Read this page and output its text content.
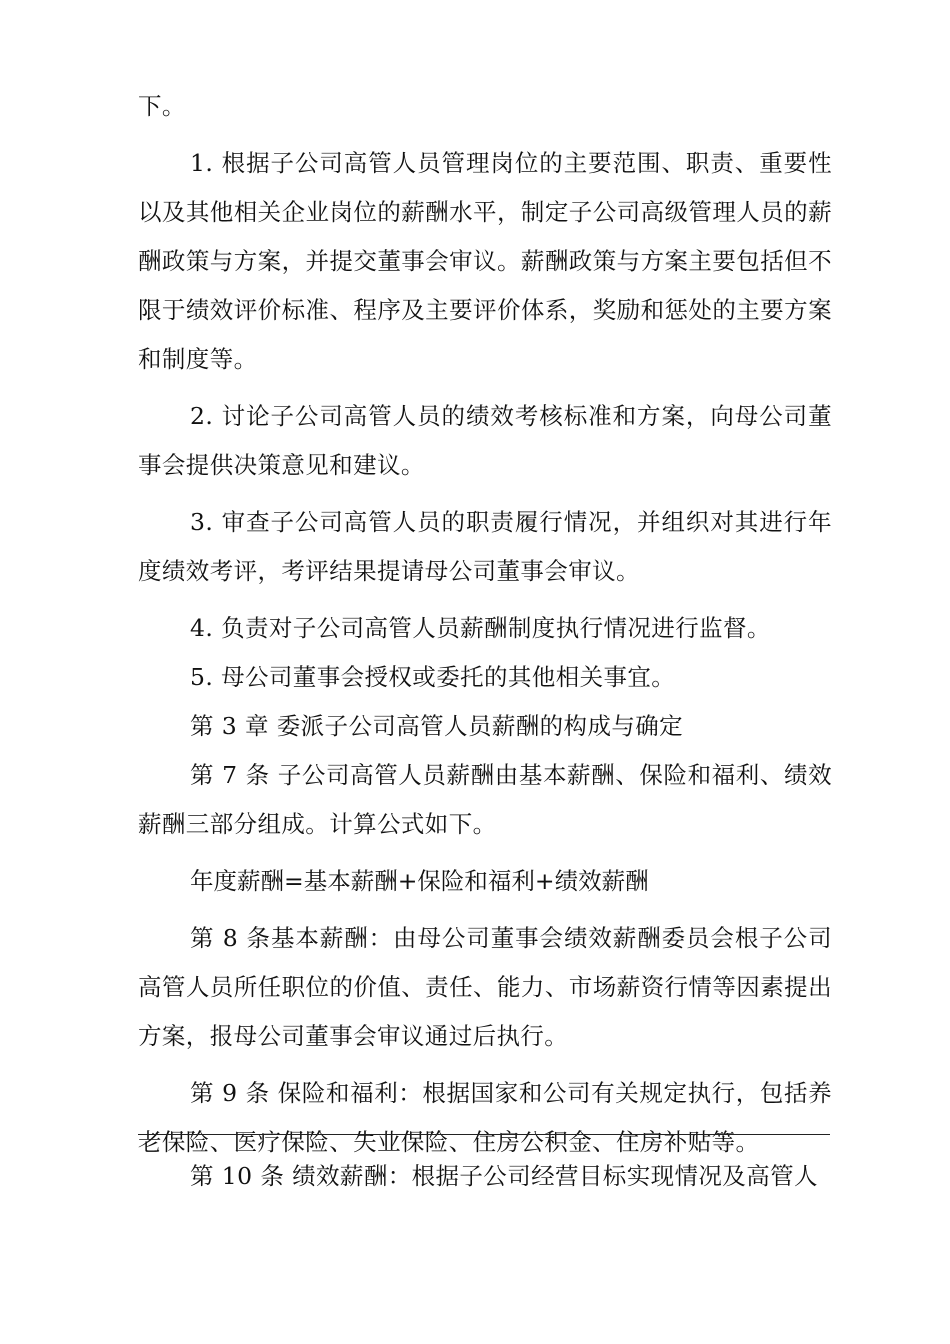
下。

1. 根据子公司高管人员管理岗位的主要范围、职责、重要性以及其他相关企业岗位的薪酬水平，制定子公司高级管理人员的薪酬政策与方案，并提交董事会审议。薪酬政策与方案主要包括但不限于绩效评价标准、程序及主要评价体系，奖励和惩处的主要方案和制度等。

2. 讨论子公司高管人员的绩效考核标准和方案，向母公司董事会提供决策意见和建议。

3. 审查子公司高管人员的职责履行情况，并组织对其进行年度绩效考评，考评结果提请母公司董事会审议。

4. 负责对子公司高管人员薪酬制度执行情况进行监督。

5. 母公司董事会授权或委托的其他相关事宜。

第 3 章 委派子公司高管人员薪酬的构成与确定

第 7 条 子公司高管人员薪酬由基本薪酬、保险和福利、绩效薪酬三部分组成。计算公式如下。

年度薪酬=基本薪酬+保险和福利+绩效薪酬

第 8 条基本薪酬：由母公司董事会绩效薪酬委员会根子公司高管人员所任职位的价值、责任、能力、市场薪资行情等因素提出方案，报母公司董事会审议通过后执行。

第 9 条 保险和福利：根据国家和公司有关规定执行，包括养老保险、医疗保险、失业保险、住房公积金、住房补贴等。

第 10 条 绩效薪酬：根据子公司经营目标实现情况及高管人
